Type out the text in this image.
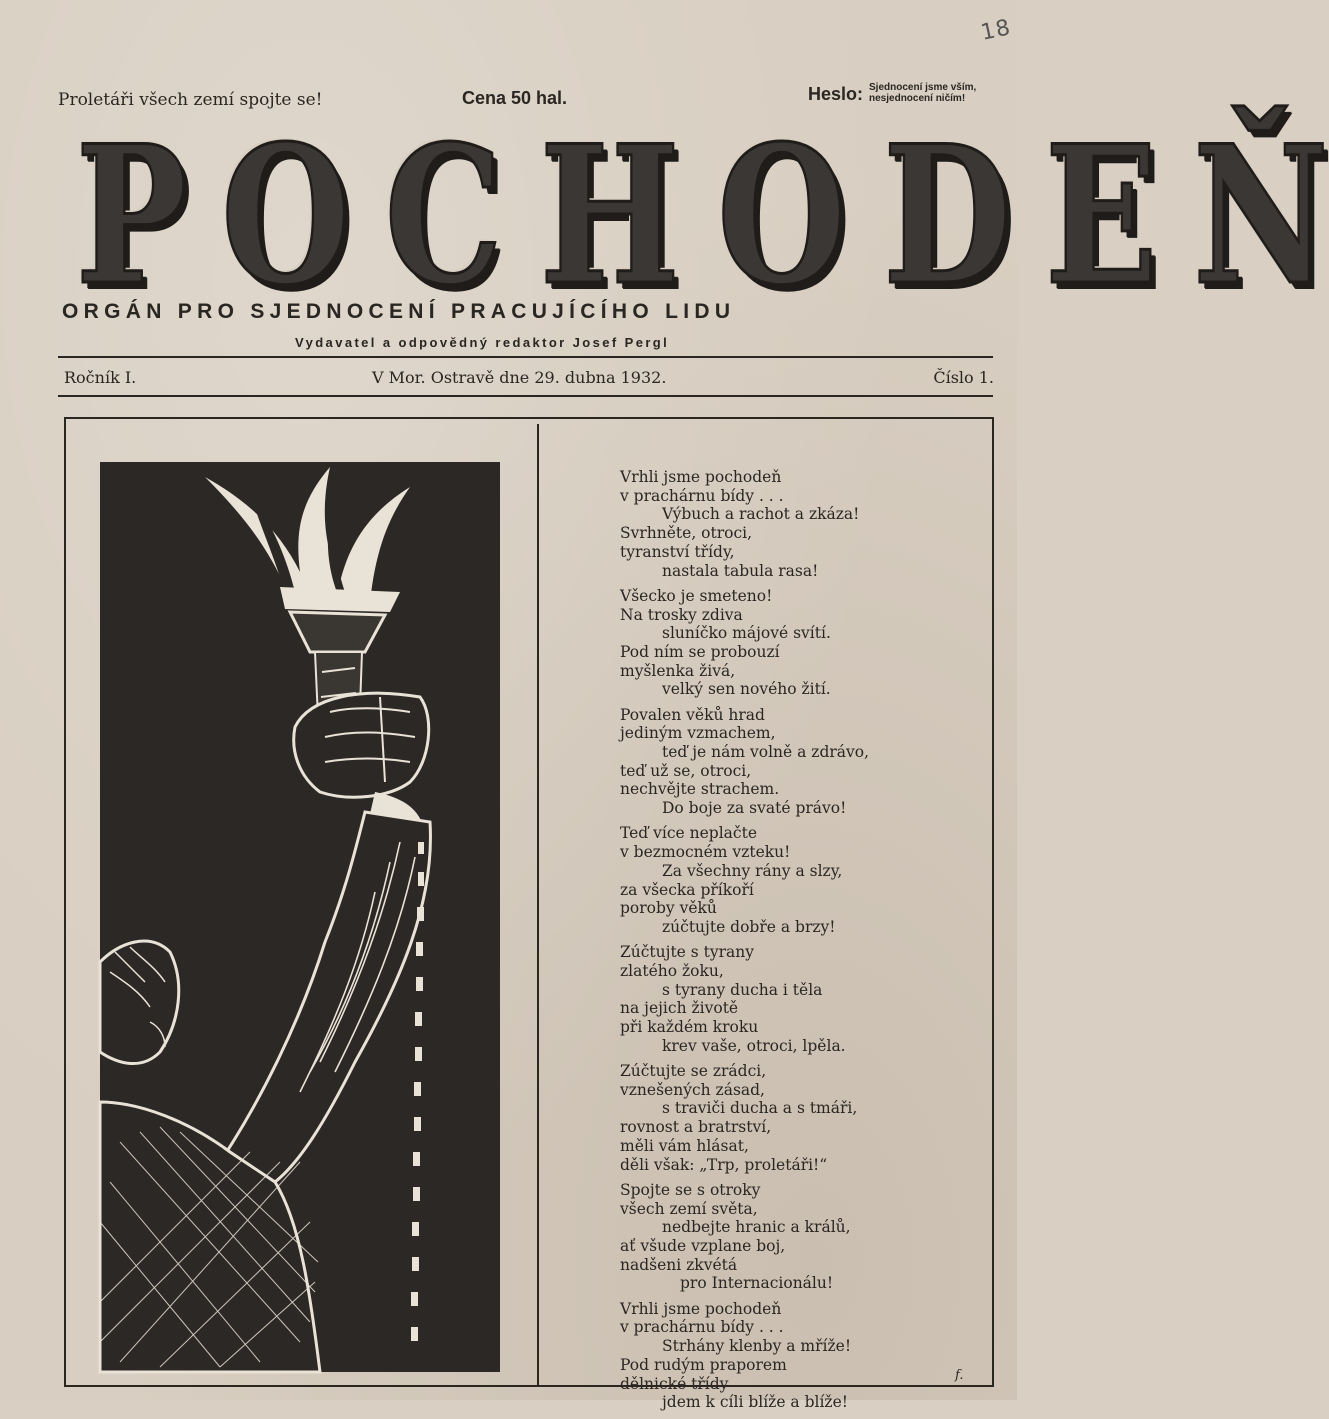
18
Proletáři všech zemí spojte se!	Cena 50 hal.	Heslo: Sjednocení jsme vším, nesjednocení ničím!
P O C H O D E Ň
ORGÁN PRO SJEDNOCENÍ PRACUJÍCÍHO LIDU
Vydavatel a odpovědný redaktor Josef Pergl
Ročník I.	V Mor. Ostravě dne 29. dubna 1932.	Číslo 1.
Vrhli jsme pochodeň
v prachárnu bídy . . .
Výbuch a rachot a zkáza!
Svrhněte, otroci,
tyranství třídy,
nastala tabula rasa!
Všecko je smeteno!
Na trosky zdiva
sluníčko májové svítí.
Pod ním se probouzí
myšlenka živá,
velký sen nového žití.
Povalen věků hrad
jediným vzmachem,
teď je nám volně a zdrávo,
teď už se, otroci,
nechvějte strachem.
Do boje za svaté právo!
Teď více neplačte
v bezmocném vzteku!
Za všechny rány a slzy,
za všecka příkoří
poroby věků
zúčtujte dobře a brzy!
Zúčtujte s tyrany
zlatého žoku,
s tyrany ducha i těla
na jejich životě
při každém kroku
krev vaše, otroci, lpěla.
Zúčtujte se zrádci,
vznešených zásad,
s traviči ducha a s tmáři,
rovnost a bratrství,
měli vám hlásat,
děli však: „Trp, proletáři!“
Spojte se s otroky
všech zemí světa,
nedbejte hranic a králů,
ať všude vzplane boj,
nadšeni zkvétá
pro Internacionálu!
Vrhli jsme pochodeň
v prachárnu bídy . . .
Strhány klenby a mříže!
Pod rudým praporem
dělnické třídy
jdem k cíli blíže a blíže!
f.
